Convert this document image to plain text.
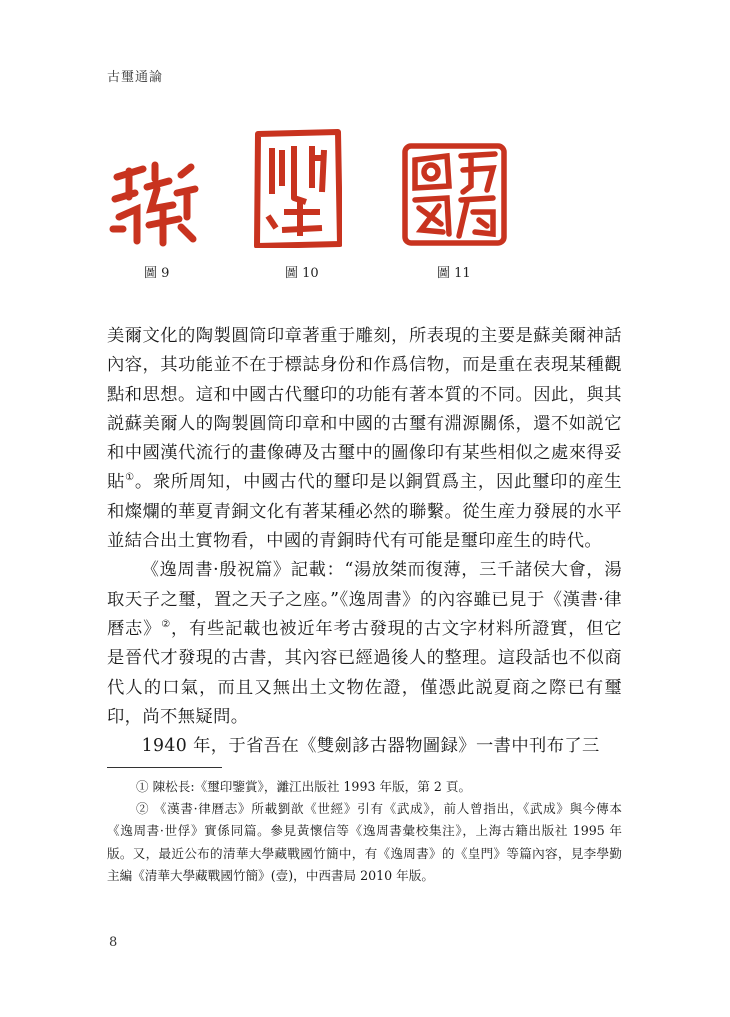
古璽通論
圖 9	圖 10	圖 11

美爾文化的陶製圓筒印章著重于雕刻，所表現的主要是蘇美爾神話內容，其功能並不在于標誌身份和作爲信物，而是重在表現某種觀點和思想。這和中國古代璽印的功能有著本質的不同。因此，與其説蘇美爾人的陶製圓筒印章和中國的古璽有淵源關係，還不如説它和中國漢代流行的畫像磚及古璽中的圖像印有某些相似之處來得妥貼①。衆所周知，中國古代的璽印是以銅質爲主，因此璽印的産生和燦爛的華夏青銅文化有著某種必然的聯繫。從生産力發展的水平並結合出土實物看，中國的青銅時代有可能是璽印産生的時代。

《逸周書·殷祝篇》記載：“湯放桀而復薄，三千諸侯大會，湯取天子之璽，置之天子之座。”《逸周書》的內容雖已見于《漢書·律曆志》②，有些記載也被近年考古發現的古文字材料所證實，但它是晉代才發現的古書，其內容已經過後人的整理。這段話也不似商代人的口氣，而且又無出土文物佐證，僅憑此説夏商之際已有璽印，尚不無疑問。

1940 年，于省吾在《雙劍誃古器物圖録》一書中刊布了三

① 陳松長:《璽印鑒賞》，灕江出版社 1993 年版，第 2 頁。

② 《漢書·律曆志》所載劉歆《世經》引有《武成》，前人曾指出，《武成》與今傳本《逸周書·世俘》實係同篇。參見黃懷信等《逸周書彙校集注》，上海古籍出版社 1995 年版。又，最近公布的清華大學藏戰國竹簡中，有《逸周書》的《皇門》等篇內容，見李學勤主編《清華大學藏戰國竹簡》(壹)，中西書局 2010 年版。

8
